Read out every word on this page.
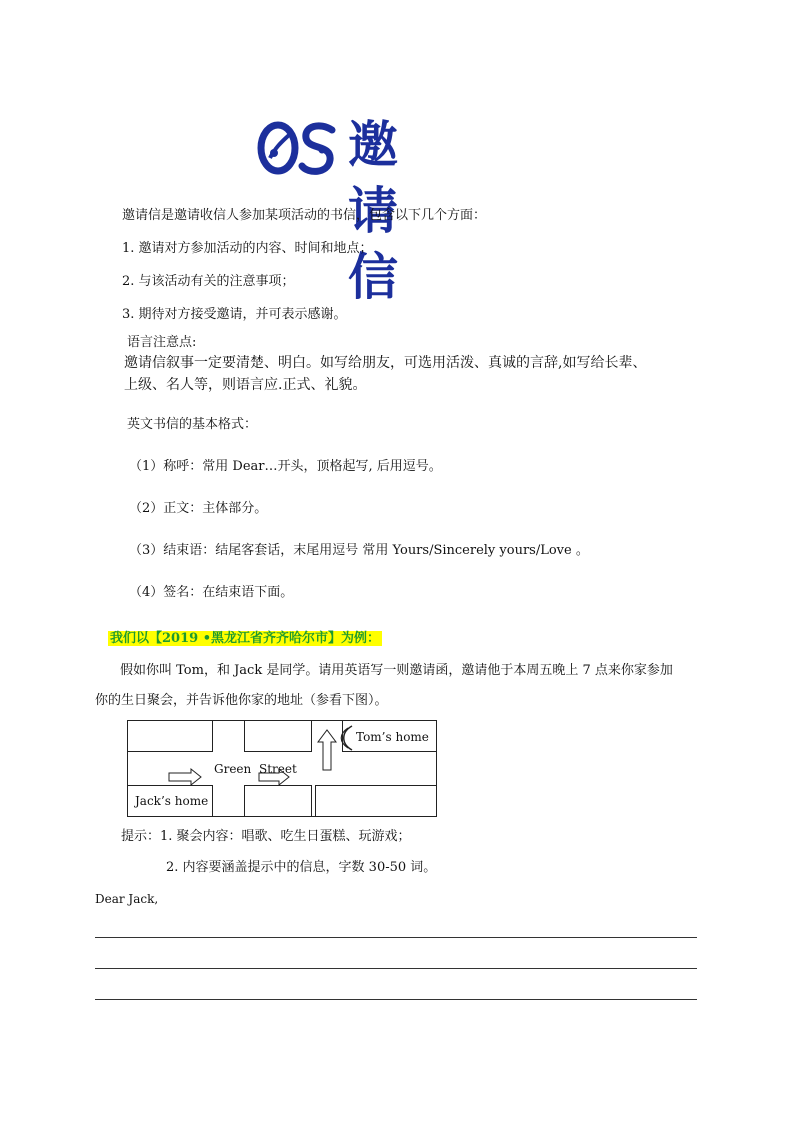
邀请信
邀请信是邀请收信人参加某项活动的书信，包含以下几个方面：
1. 邀请对方参加活动的内容、时间和地点；
2. 与该活动有关的注意事项；
3. 期待对方接受邀请，并可表示感谢。
语言注意点:
邀请信叙事一定要清楚、明白。如写给朋友，可选用活泼、真诚的言辞,如写给长辈、
上级、名人等，则语言应.正式、礼貌。
英文书信的基本格式：
（1）称呼：常用 Dear…开头，顶格起写, 后用逗号。
（2）正文：主体部分。
（3）结束语：结尾客套话，末尾用逗号 常用 Yours/Sincerely yours/Love 。
（4）签名：在结束语下面。
我们以【2019 •黑龙江省齐齐哈尔市】为例：
假如你叫 Tom，和 Jack 是同学。请用英语写一则邀请函，邀请他于本周五晚上 7 点来你家参加
你的生日聚会，并告诉他你家的地址（参看下图）。
Tom’s home
Jack’s home
Green Street
提示：1. 聚会内容：唱歌、吃生日蛋糕、玩游戏；
2. 内容要涵盖提示中的信息，字数 30-50 词。
Dear Jack,
